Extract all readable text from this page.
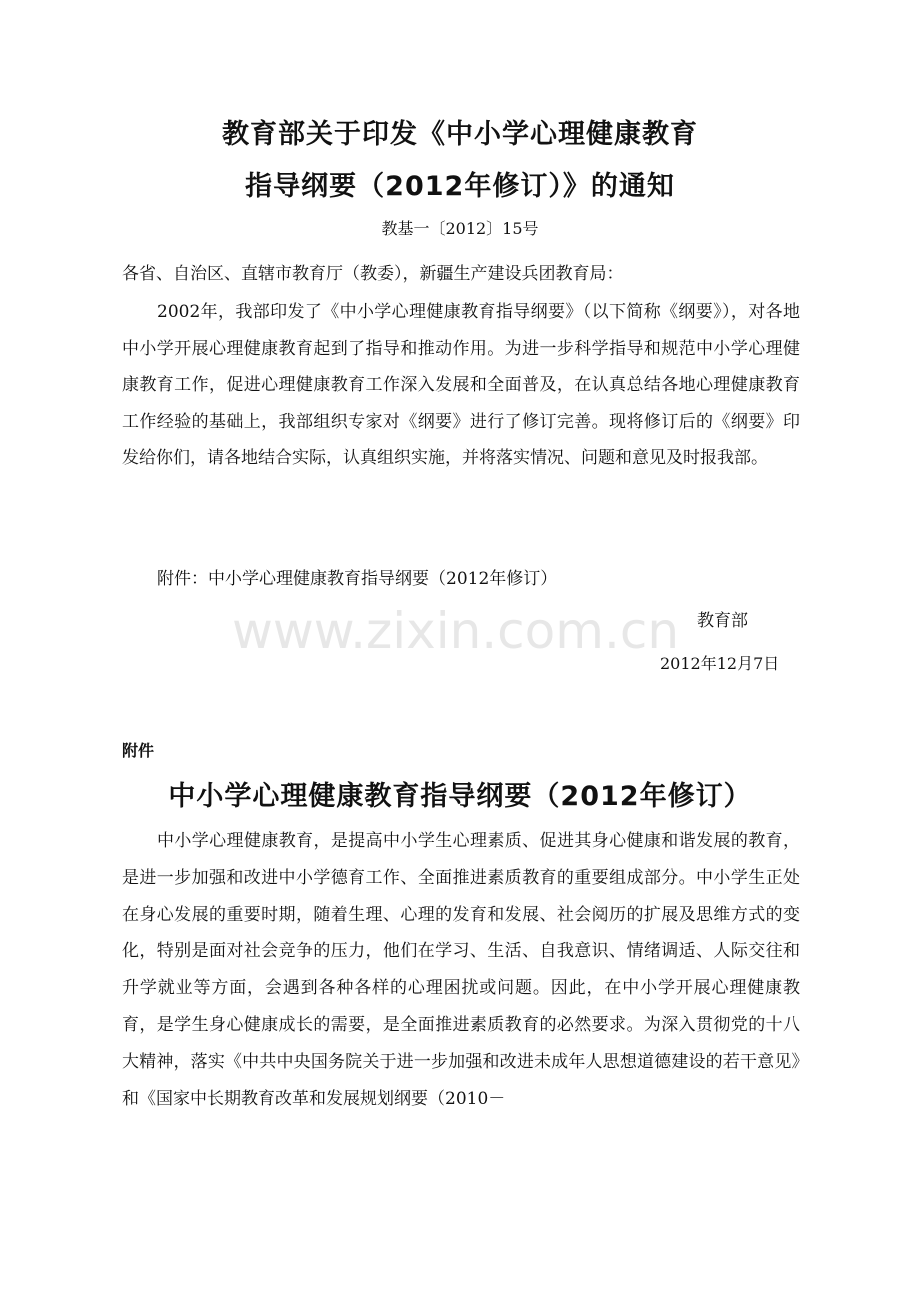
www.zixin.com.cn
教育部关于印发《中小学心理健康教育
指导纲要（2012年修订）》的通知
教基一〔2012〕15号
各省、自治区、直辖市教育厅（教委），新疆生产建设兵团教育局：
2002年，我部印发了《中小学心理健康教育指导纲要》（以下简称《纲要》），对各地中小学开展心理健康教育起到了指导和推动作用。为进一步科学指导和规范中小学心理健康教育工作，促进心理健康教育工作深入发展和全面普及，在认真总结各地心理健康教育工作经验的基础上，我部组织专家对《纲要》进行了修订完善。现将修订后的《纲要》印发给你们，请各地结合实际，认真组织实施，并将落实情况、问题和意见及时报我部。
附件：中小学心理健康教育指导纲要（2012年修订）
教育部
2012年12月7日
附件
中小学心理健康教育指导纲要（2012年修订）
中小学心理健康教育，是提高中小学生心理素质、促进其身心健康和谐发展的教育，是进一步加强和改进中小学德育工作、全面推进素质教育的重要组成部分。中小学生正处在身心发展的重要时期，随着生理、心理的发育和发展、社会阅历的扩展及思维方式的变化，特别是面对社会竞争的压力，他们在学习、生活、自我意识、情绪调适、人际交往和升学就业等方面，会遇到各种各样的心理困扰或问题。因此，在中小学开展心理健康教育，是学生身心健康成长的需要，是全面推进素质教育的必然要求。为深入贯彻党的十八大精神，落实《中共中央国务院关于进一步加强和改进未成年人思想道德建设的若干意见》和《国家中长期教育改革和发展规划纲要（2010－
